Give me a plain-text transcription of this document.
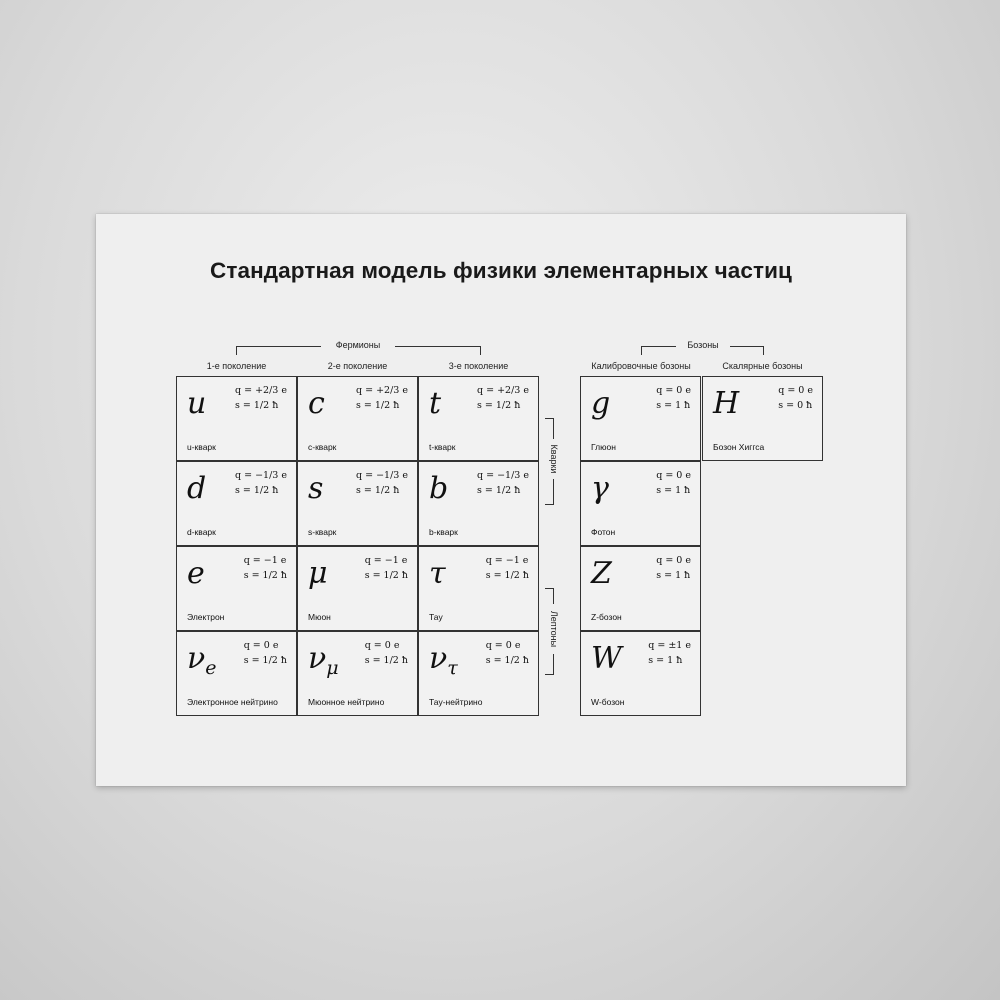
Стандартная модель физики элементарных частиц
Фермионы
1-е поколение	2-е поколение	3-е поколение
Бозоны
Калибровочные бозоны	Скалярные бозоны
Кварки
Лептоны
u	q = +2/3 e
s = 1/2 ħ
u-кварк
c	q = +2/3 e
s = 1/2 ħ
c-кварк
t	q = +2/3 e
s = 1/2 ħ
t-кварк
d	q = −1/3 e
s = 1/2 ħ
d-кварк
s	q = −1/3 e
s = 1/2 ħ
s-кварк
b	q = −1/3 e
s = 1/2 ħ
b-кварк
e	q = −1 e
s = 1/2 ħ
Электрон
μ	q = −1 e
s = 1/2 ħ
Мюон
τ	q = −1 e
s = 1/2 ħ
Тау
$\nu_e$
q = 0 e
s = 1/2 ħ
Электронное нейтрино
$\nu_\mu$
q = 0 e
s = 1/2 ħ
Мюонное нейтрино
$\nu_\tau$
q = 0 e
s = 1/2 ħ
Тау-нейтрино
g	q = 0 e
s = 1 ħ
Глюон
γ	q = 0 e
s = 1 ħ
Фотон
Z	q = 0 e
s = 1 ħ
Z-бозон
W	q = ±1 e
s = 1 ħ
W-бозон
H	q = 0 e
s = 0 ħ
Бозон Хиггса
